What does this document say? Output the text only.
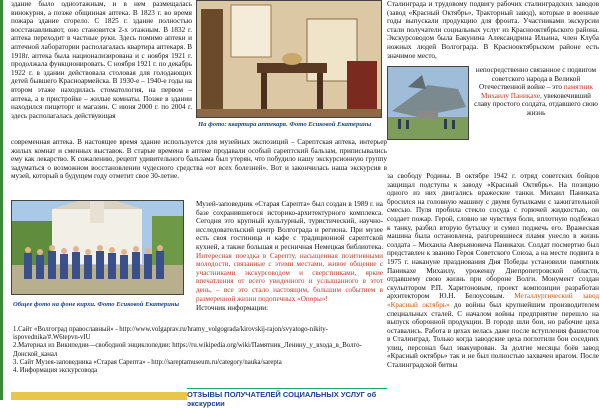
здание было одноэтажным, и в нем размещалась винокурня, а позже общинная аптека. В 1823 г. во время пожара здание сгорело. С 1825 г. здание полностью восстанавливают, оно становится 2-х этажным. В 1832 г. аптека переходит в частные руки. Здесь помимо аптеки и аптечной лаборатории располагалась квартира аптекаря. В 1918г. аптека была национализирована и с ноября 1921 г. продолжала функционировать. С ноября 1921 г. по декабрь 1922 г. в здании действовала столовая для голодающих детей бывшего Красноармейска. В 1930-е – 1940-е годы на втором этаже находилась стоматология, на первом – аптека, а в пристройке – жилые комнаты. Позже в здании находился пищеторг и магазин. С июня 2000 г. по 2004 г. здесь располагалась действующая

На фото: квартира аптекаря. Фото Есиковой Екатерины

современная аптека. В настоящее время здание используется для музейных экспозиций – Сарептская аптека, интерьер жилых комнат и сменных выставок. В старые времена в аптеке продавали особый сарептский бальзам, приписывались ему как лекарство. К сожалению, рецепт удивительного бальзама был утерян, что побудило нашу экскурсионную группу задуматься о возможном восстановлении чудесного средства «от всех болезней». Вот и закончилась наша экскурсия в музей, который в будущем году отметит свое 30-летие.

Общее фото на фоне кирхи. Фото Есиковой Екатерины

Музей-заповедник «Старая Сарепта» был создан в 1989 г. на базе сохранившегося историко-архитектурного комплекса. Сегодня это крупный культурный, туристический, научно-исследовательский центр Волгограда и региона. При музее есть своя гостиница и кафе с традиционной сарептской кухней, а также большая и ресничная Немецкая библиотека. Интересная поездка в Сарепту, насыщенная позитивными молодости, связанные с этими местами, живое общение с участниками экскурсоводом и сверстниками, яркие впечатления от всего увиденного и услышанного в этот день, – все это стало настоящим, большим событием в размеренной жизни подопечных «Опоры»!

Источник информации:
1.Сайт «Волгоград православный» - http://www.volgaprav.ru/hramy_volgograda/kirovskij-rajon/svyatogo-nikity-ispovednika/#.W6tepvn-vIU
2.Материал из Википедии—свободной энциклопедии: https://ru.wikipedia.org/wiki/Памятник_Ленину_у_входа_в_Волго-Донской_канал
3. Сайт Музея-заповедника «Старая Сарепта» - http://sareptamuseum.ru/category/nauka/sarepta
4. Информация экскурсовода

Сталинграда и трудовому подвигу рабочих сталинградских заводов (завод «Красный Октябрь», Тракторный завод), которые в военные годы выпускали продукцию для фронта. Участниками экскурсии стали получатели социальных услуг из Краснооктябрьского района. Экскурсоводом была Бакунина Александрина Ильина, член Клуба ножных людей Волгограда. В Краснооктябрьском районе есть значимое место,

непосредственно связанное с подвигом советского народа в Великой Отечественной войне – это памятник Михаилу Паникахе, увековечивший славу простого солдата, отдавшего свою жизнь

за свободу Родины. В октябре 1942 г. отряд советских бойцов защищал подступы к заводу «Красный Октябрь». На позицию одного из них двигались вражеские танки. Михаил Паникаха бросился на головную машину с двумя бутылками с зажигательной смесью. Пуля пробила стекло сосуда с горючей жидкостью, он создает пожар. Герой, словно не чувствуя боли, вплотную подбежал к танку, разбил вторую бутылку и сумел поджечь его. Вражеская машина была остановлена, разгоревшиеся пламя унесло в жизнь солдата – Михаила Аверьяновича Паникахи. Солдат посмертно был представлен к званию Героя Советского Союза, а на месте подвига в 1975 г. накануне празднования Дня Победы установили памятник Паникахе Михаилу, уроженцу Днепропетровской области, отдавшему свою жизнь при обороне Волги. Монумент создан скульптором Р.П. Харитоновым, проект композиции разработан архитектором Ю.Н. Белоусовым. Металлургический завод «Красный октябрь» до войны был крупнейшим производителем специальных сталей. С началом войны предприятие перешло на выпуск оборонной продукции. В городе шли бои, но рабочие цеха оставались. Работа в цехах велась даже после вступления фашистов в Сталинград. Только когда заводские цеха поглотили бои соседних улиц, персонал был эвакуирован. За долгие месяцы боёв завод «Красный октябрь» так и не был полностью захвачен врагом. После Сталинградской битвы

ОТЗЫВЫ ПОЛУЧАТЕЛЕЙ СОЦИАЛЬНЫХ УСЛУГ об экскурсии
